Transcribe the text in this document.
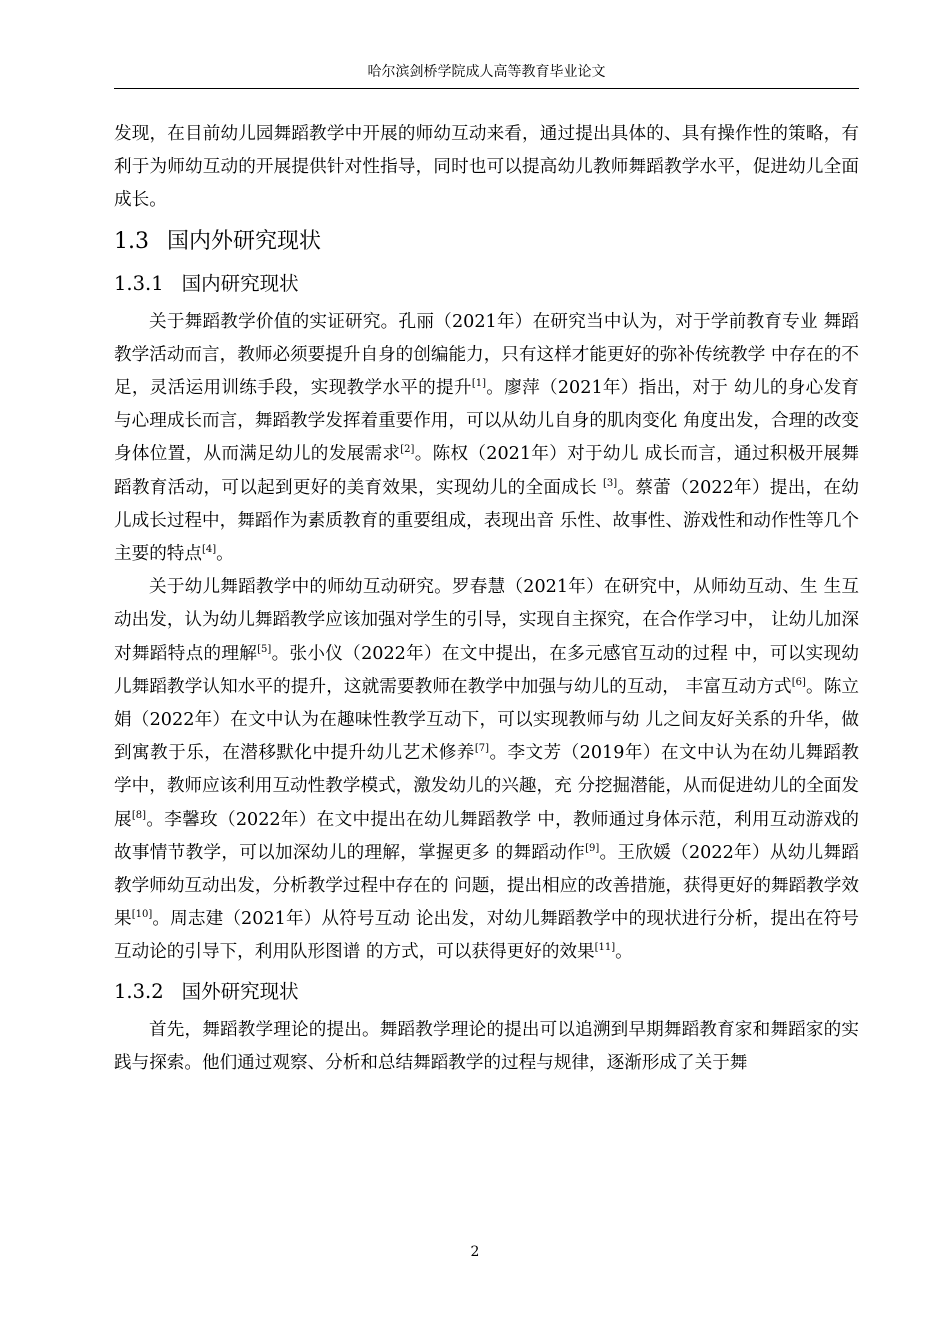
哈尔滨剑桥学院成人高等教育毕业论文

发现，在目前幼儿园舞蹈教学中开展的师幼互动来看，通过提出具体的、具有操作性的策略，有利于为师幼互动的开展提供针对性指导，同时也可以提高幼儿教师舞蹈教学水平，促进幼儿全面成长。

1.3 国内外研究现状
1.3.1 国内研究现状

关于舞蹈教学价值的实证研究。孔丽（2021年）在研究当中认为，对于学前教育专业 舞蹈教学活动而言，教师必须要提升自身的创编能力，只有这样才能更好的弥补传统教学 中存在的不足，灵活运用训练手段，实现教学水平的提升[1]。廖萍（2021年）指出，对于 幼儿的身心发育与心理成长而言，舞蹈教学发挥着重要作用，可以从幼儿自身的肌肉变化 角度出发，合理的改变身体位置，从而满足幼儿的发展需求[2]。陈权（2021年）对于幼儿 成长而言，通过积极开展舞蹈教育活动，可以起到更好的美育效果，实现幼儿的全面成长 [3]。蔡蕾（2022年）提出，在幼儿成长过程中，舞蹈作为素质教育的重要组成，表现出音 乐性、故事性、游戏性和动作性等几个主要的特点[4]。

关于幼儿舞蹈教学中的师幼互动研究。罗春慧（2021年）在研究中，从师幼互动、生 生互动出发，认为幼儿舞蹈教学应该加强对学生的引导，实现自主探究，在合作学习中， 让幼儿加深对舞蹈特点的理解[5]。张小仪（2022年）在文中提出，在多元感官互动的过程 中，可以实现幼儿舞蹈教学认知水平的提升，这就需要教师在教学中加强与幼儿的互动， 丰富互动方式[6]。陈立娟（2022年）在文中认为在趣味性教学互动下，可以实现教师与幼 儿之间友好关系的升华，做到寓教于乐，在潜移默化中提升幼儿艺术修养[7]。李文芳（2019年）在文中认为在幼儿舞蹈教学中，教师应该利用互动性教学模式，激发幼儿的兴趣，充 分挖掘潜能，从而促进幼儿的全面发展[8]。李馨玫（2022年）在文中提出在幼儿舞蹈教学 中，教师通过身体示范，利用互动游戏的故事情节教学，可以加深幼儿的理解，掌握更多 的舞蹈动作[9]。王欣媛（2022年）从幼儿舞蹈教学师幼互动出发，分析教学过程中存在的 问题，提出相应的改善措施，获得更好的舞蹈教学效果[10]。周志建（2021年）从符号互动 论出发，对幼儿舞蹈教学中的现状进行分析，提出在符号互动论的引导下，利用队形图谱 的方式，可以获得更好的效果[11]。

1.3.2 国外研究现状

首先，舞蹈教学理论的提出。舞蹈教学理论的提出可以追溯到早期舞蹈教育家和舞蹈家的实践与探索。他们通过观察、分析和总结舞蹈教学的过程与规律，逐渐形成了关于舞

2
